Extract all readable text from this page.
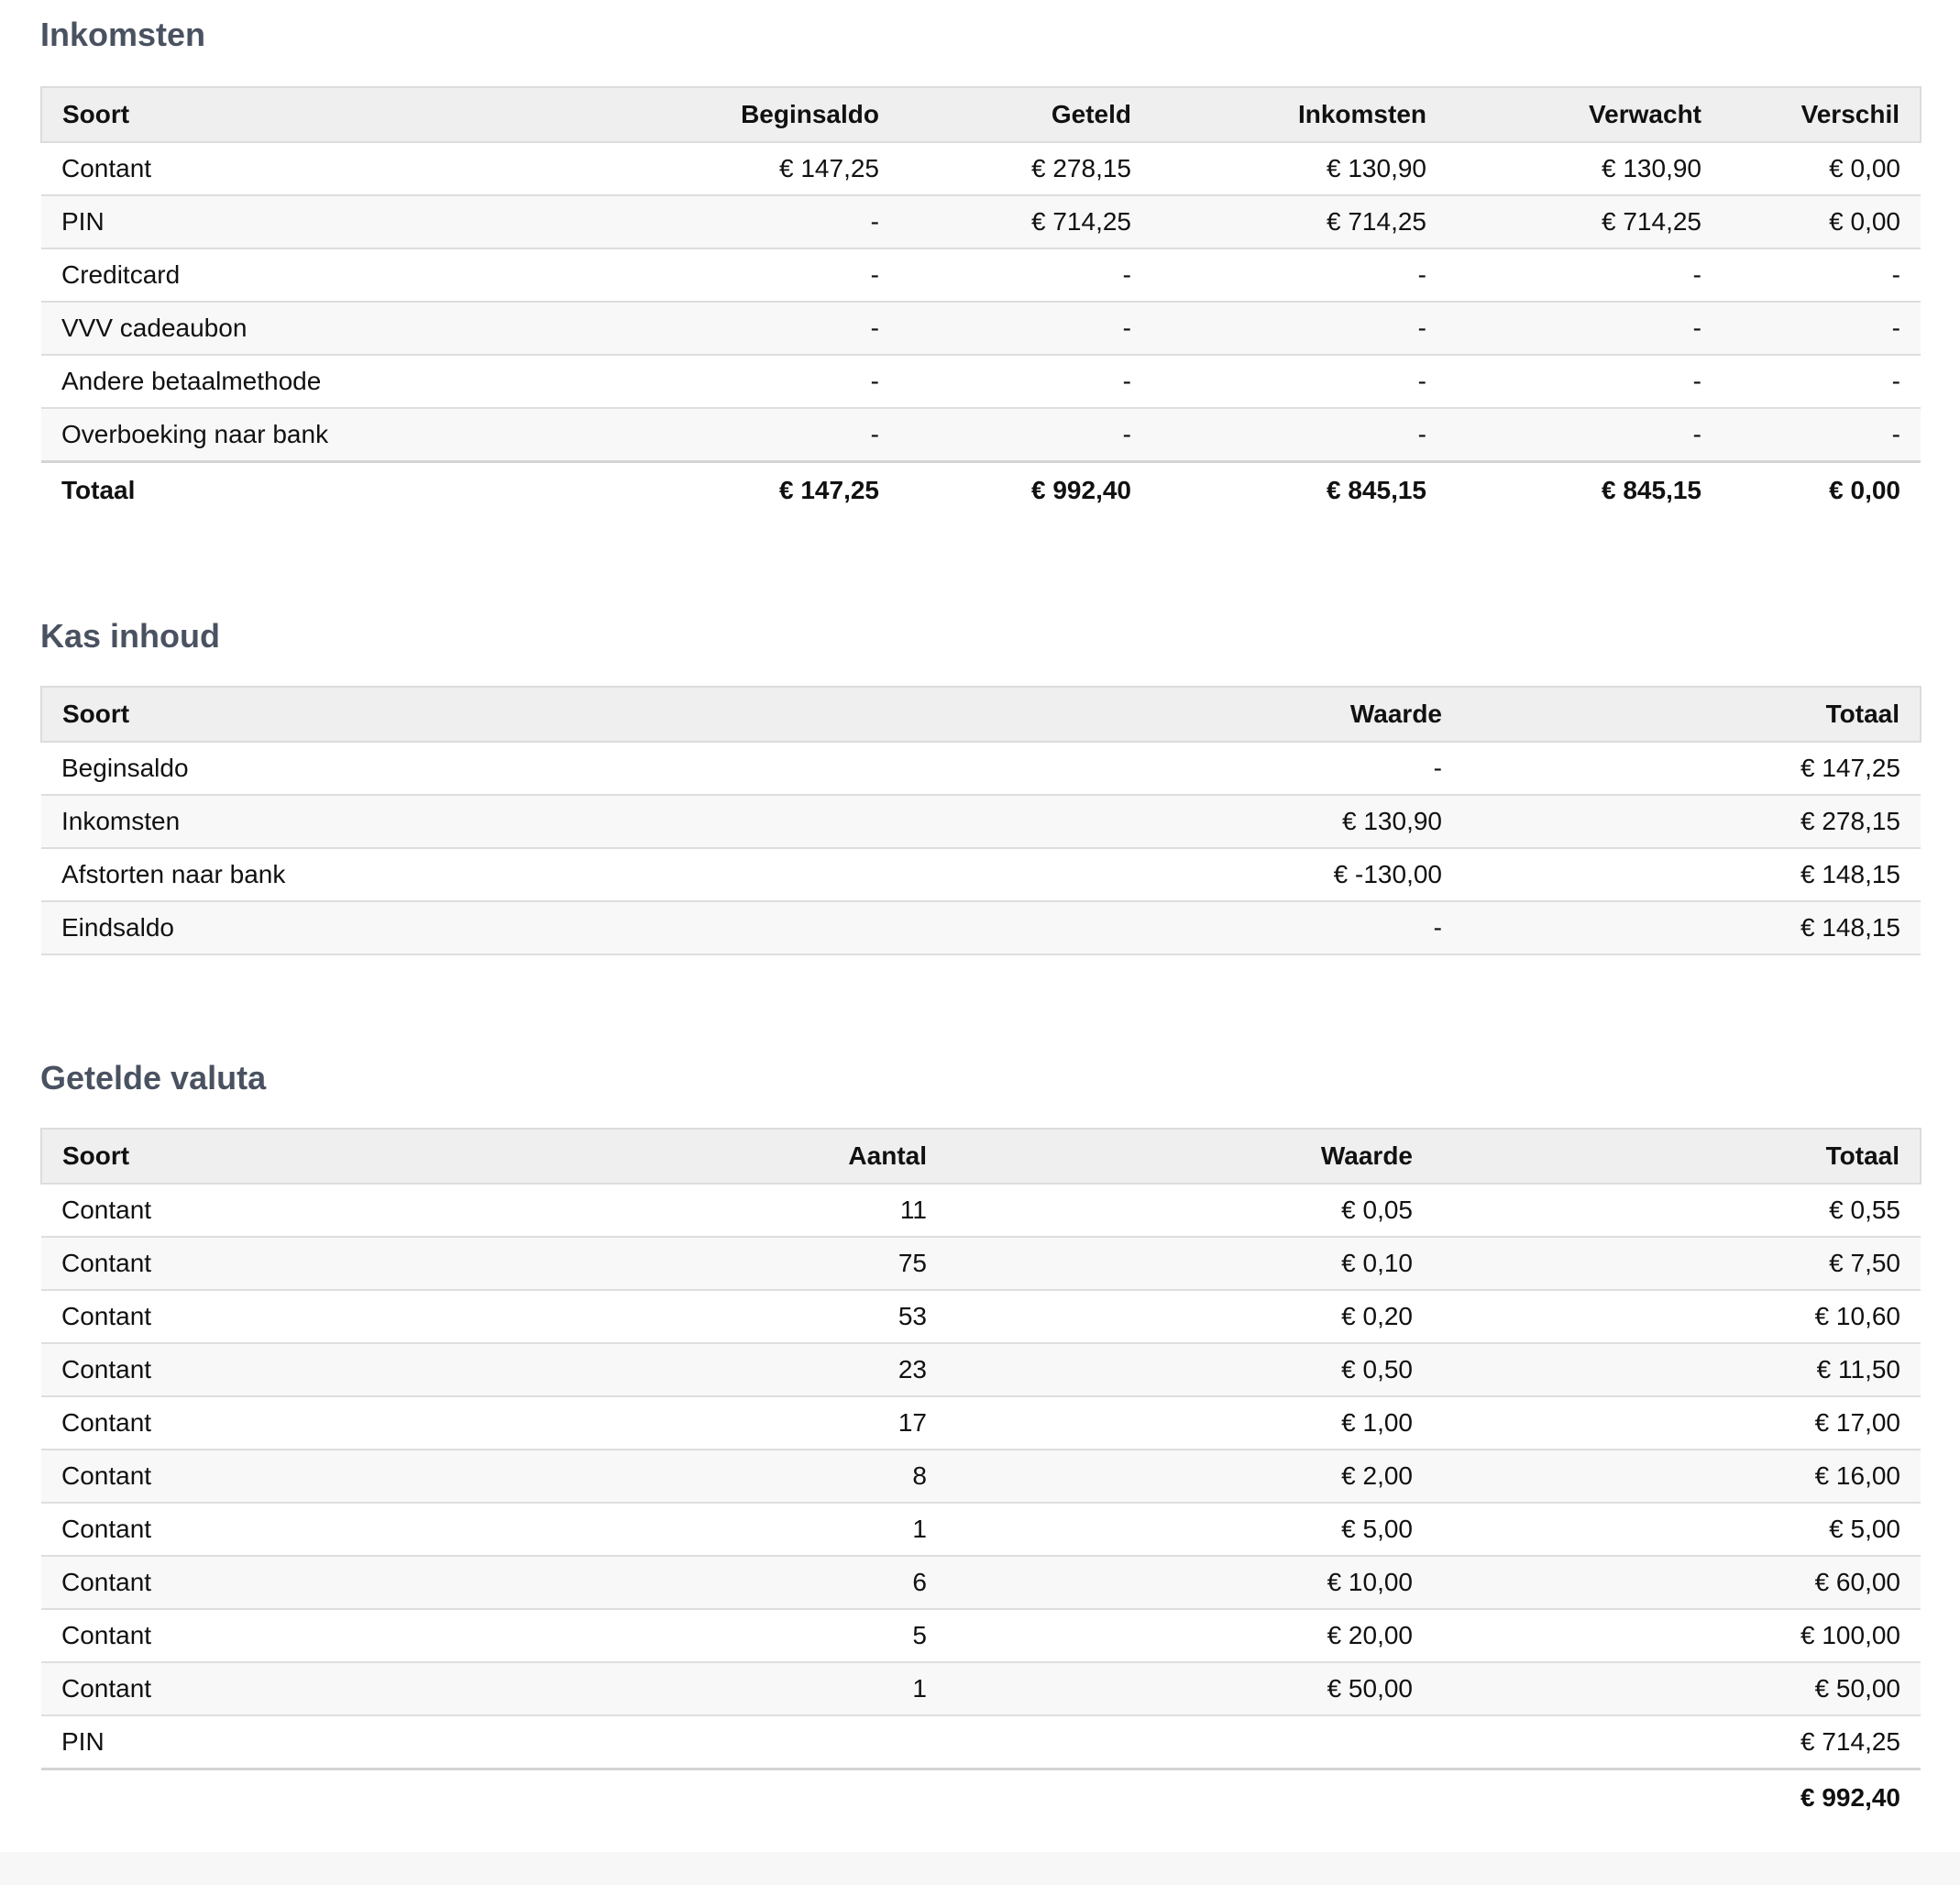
Inkomsten
Soort	Beginsaldo	Geteld	Inkomsten	Verwacht	Verschil
Contant	€ 147,25	€ 278,15	€ 130,90	€ 130,90	€ 0,00
PIN	-	€ 714,25	€ 714,25	€ 714,25	€ 0,00
Creditcard	-	-	-	-	-
VVV cadeaubon	-	-	-	-	-
Andere betaalmethode	-	-	-	-	-
Overboeking naar bank	-	-	-	-	-
Totaal	€ 147,25	€ 992,40	€ 845,15	€ 845,15	€ 0,00
Kas inhoud
Soort	Waarde	Totaal
Beginsaldo	-	€ 147,25
Inkomsten	€ 130,90	€ 278,15
Afstorten naar bank	€ -130,00	€ 148,15
Eindsaldo	-	€ 148,15
Getelde valuta
Soort	Aantal	Waarde	Totaal
Contant	11	€ 0,05	€ 0,55
Contant	75	€ 0,10	€ 7,50
Contant	53	€ 0,20	€ 10,60
Contant	23	€ 0,50	€ 11,50
Contant	17	€ 1,00	€ 17,00
Contant	8	€ 2,00	€ 16,00
Contant	1	€ 5,00	€ 5,00
Contant	6	€ 10,00	€ 60,00
Contant	5	€ 20,00	€ 100,00
Contant	1	€ 50,00	€ 50,00
PIN			€ 714,25
			€ 992,40
